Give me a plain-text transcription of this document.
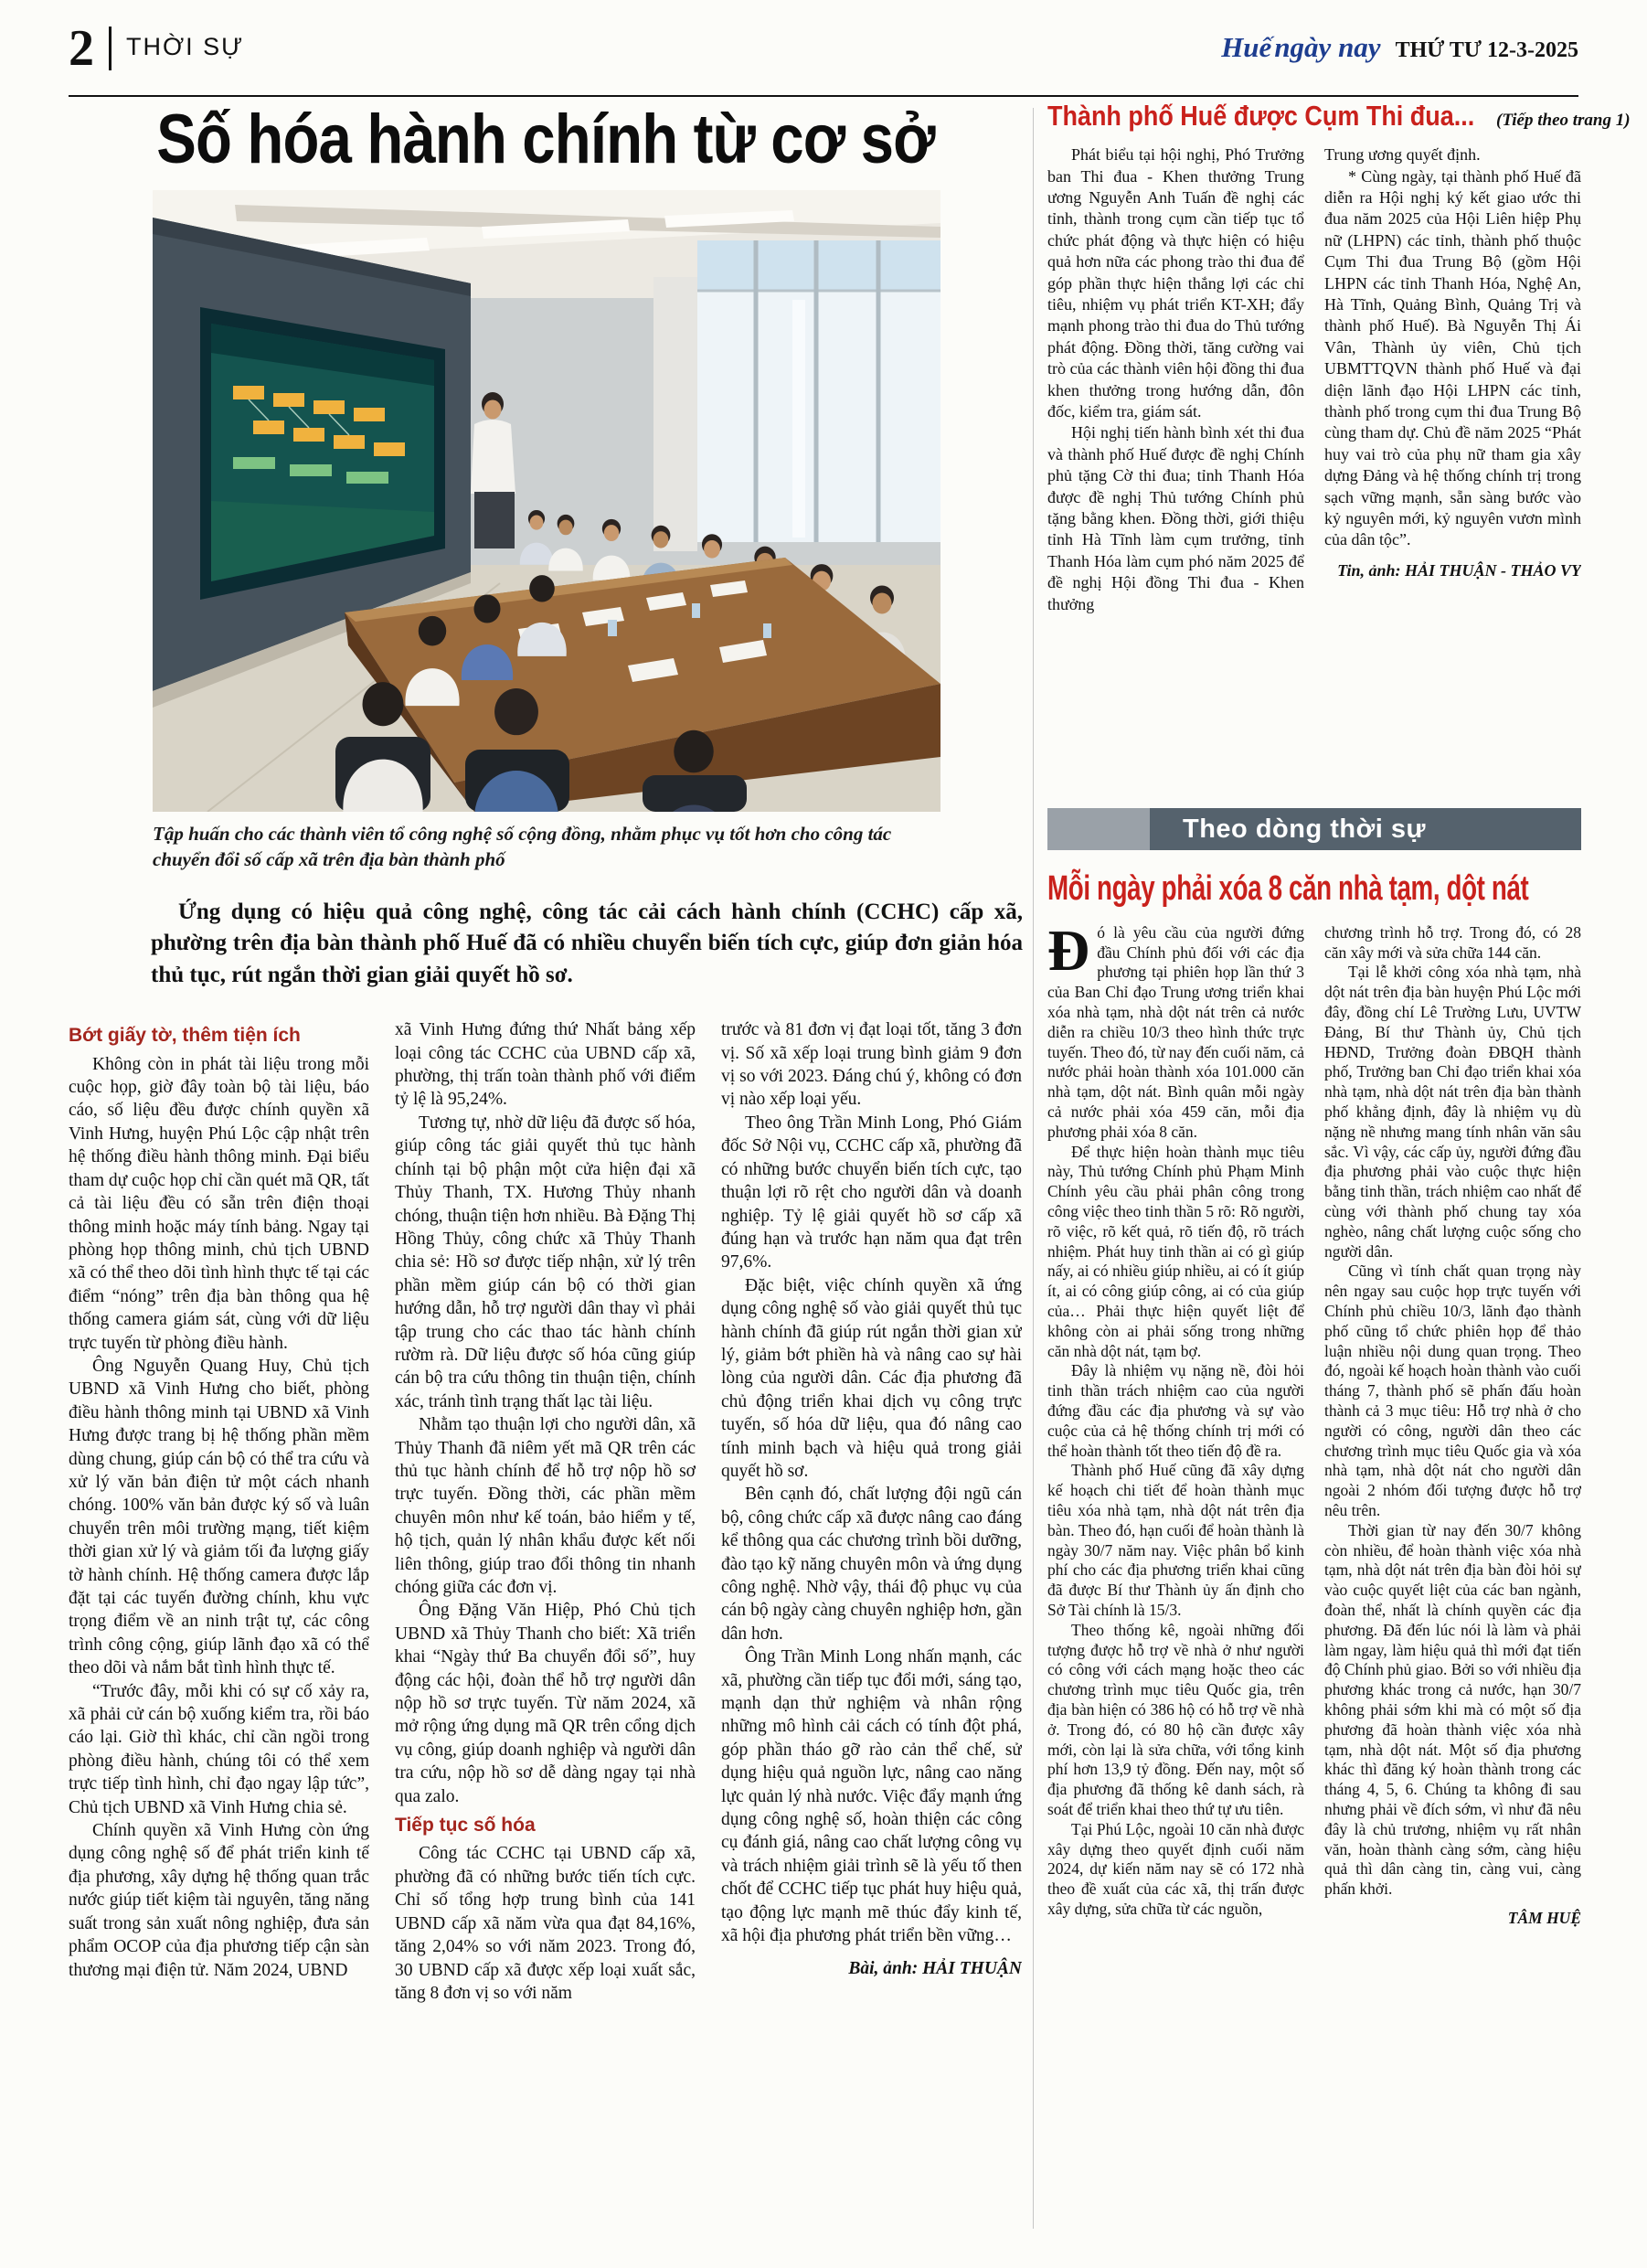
2 THỜI SỰ	Huếngày nay THỨ TƯ 12-3-2025
Số hóa hành chính từ cơ sở
Tập huấn cho các thành viên tổ công nghệ số cộng đồng, nhằm phục vụ tốt hơn cho công tác chuyển đổi số cấp xã trên địa bàn thành phố

Ứng dụng có hiệu quả công nghệ, công tác cải cách hành chính (CCHC) cấp xã, phường trên địa bàn thành phố Huế đã có nhiều chuyển biến tích cực, giúp đơn giản hóa thủ tục, rút ngắn thời gian giải quyết hồ sơ.

Bớt giấy tờ, thêm tiện ích

Không còn in phát tài liệu trong mỗi cuộc họp, giờ đây toàn bộ tài liệu, báo cáo, số liệu đều được chính quyền xã Vinh Hưng, huyện Phú Lộc cập nhật trên hệ thống điều hành thông minh. Đại biểu tham dự cuộc họp chỉ cần quét mã QR, tất cả tài liệu đều có sẵn trên điện thoại thông minh hoặc máy tính bảng. Ngay tại phòng họp thông minh, chủ tịch UBND xã có thể theo dõi tình hình thực tế tại các điểm “nóng” trên địa bàn thông qua hệ thống camera giám sát, cùng với dữ liệu trực tuyến từ phòng điều hành.

Ông Nguyễn Quang Huy, Chủ tịch UBND xã Vinh Hưng cho biết, phòng điều hành thông minh tại UBND xã Vinh Hưng được trang bị hệ thống phần mềm dùng chung, giúp cán bộ có thể tra cứu và xử lý văn bản điện tử một cách nhanh chóng. 100% văn bản được ký số và luân chuyển trên môi trường mạng, tiết kiệm thời gian xử lý và giảm tối đa lượng giấy tờ hành chính. Hệ thống camera được lắp đặt tại các tuyến đường chính, khu vực trọng điểm về an ninh trật tự, các công trình công cộng, giúp lãnh đạo xã có thể theo dõi và nắm bắt tình hình thực tế.

“Trước đây, mỗi khi có sự cố xảy ra, xã phải cử cán bộ xuống kiểm tra, rồi báo cáo lại. Giờ thì khác, chỉ cần ngồi trong phòng điều hành, chúng tôi có thể xem trực tiếp tình hình, chỉ đạo ngay lập tức”, Chủ tịch UBND xã Vinh Hưng chia sẻ.

Chính quyền xã Vinh Hưng còn ứng dụng công nghệ số để phát triển kinh tế địa phương, xây dựng hệ thống quan trắc nước giúp tiết kiệm tài nguyên, tăng năng suất trong sản xuất nông nghiệp, đưa sản phẩm OCOP của địa phương tiếp cận sàn thương mại điện tử. Năm 2024, UBND

xã Vinh Hưng đứng thứ Nhất bảng xếp loại công tác CCHC của UBND cấp xã, phường, thị trấn toàn thành phố với điểm tỷ lệ là 95,24%.

Tương tự, nhờ dữ liệu đã được số hóa, giúp công tác giải quyết thủ tục hành chính tại bộ phận một cửa hiện đại xã Thủy Thanh, TX. Hương Thủy nhanh chóng, thuận tiện hơn nhiều. Bà Đặng Thị Hồng Thủy, công chức xã Thủy Thanh chia sẻ: Hồ sơ được tiếp nhận, xử lý trên phần mềm giúp cán bộ có thời gian hướng dẫn, hỗ trợ người dân thay vì phải tập trung cho các thao tác hành chính rườm rà. Dữ liệu được số hóa cũng giúp cán bộ tra cứu thông tin thuận tiện, chính xác, tránh tình trạng thất lạc tài liệu.

Nhằm tạo thuận lợi cho người dân, xã Thủy Thanh đã niêm yết mã QR trên các thủ tục hành chính để hỗ trợ nộp hồ sơ trực tuyến. Đồng thời, các phần mềm chuyên môn như kế toán, bảo hiểm y tế, hộ tịch, quản lý nhân khẩu được kết nối liên thông, giúp trao đổi thông tin nhanh chóng giữa các đơn vị.

Ông Đặng Văn Hiệp, Phó Chủ tịch UBND xã Thủy Thanh cho biết: Xã triển khai “Ngày thứ Ba chuyển đổi số”, huy động các hội, đoàn thể hỗ trợ người dân nộp hồ sơ trực tuyến. Từ năm 2024, xã mở rộng ứng dụng mã QR trên cổng dịch vụ công, giúp doanh nghiệp và người dân tra cứu, nộp hồ sơ dễ dàng ngay tại nhà qua zalo.

Tiếp tục số hóa

Công tác CCHC tại UBND cấp xã, phường đã có những bước tiến tích cực. Chỉ số tổng hợp trung bình của 141 UBND cấp xã năm vừa qua đạt 84,16%, tăng 2,04% so với năm 2023. Trong đó, 30 UBND cấp xã được xếp loại xuất sắc, tăng 8 đơn vị so với năm

trước và 81 đơn vị đạt loại tốt, tăng 3 đơn vị. Số xã xếp loại trung bình giảm 9 đơn vị so với 2023. Đáng chú ý, không có đơn vị nào xếp loại yếu.

Theo ông Trần Minh Long, Phó Giám đốc Sở Nội vụ, CCHC cấp xã, phường đã có những bước chuyển biến tích cực, tạo thuận lợi rõ rệt cho người dân và doanh nghiệp. Tỷ lệ giải quyết hồ sơ cấp xã đúng hạn và trước hạn năm qua đạt trên 97,6%.

Đặc biệt, việc chính quyền xã ứng dụng công nghệ số vào giải quyết thủ tục hành chính đã giúp rút ngắn thời gian xử lý, giảm bớt phiền hà và nâng cao sự hài lòng của người dân. Các địa phương đã chủ động triển khai dịch vụ công trực tuyến, số hóa dữ liệu, qua đó nâng cao tính minh bạch và hiệu quả trong giải quyết hồ sơ.

Bên cạnh đó, chất lượng đội ngũ cán bộ, công chức cấp xã được nâng cao đáng kể thông qua các chương trình bồi dưỡng, đào tạo kỹ năng chuyên môn và ứng dụng công nghệ. Nhờ vậy, thái độ phục vụ của cán bộ ngày càng chuyên nghiệp hơn, gần dân hơn.

Ông Trần Minh Long nhấn mạnh, các xã, phường cần tiếp tục đổi mới, sáng tạo, mạnh dạn thử nghiệm và nhân rộng những mô hình cải cách có tính đột phá, góp phần tháo gỡ rào cản thể chế, sử dụng hiệu quả nguồn lực, nâng cao năng lực quản lý nhà nước. Việc đẩy mạnh ứng dụng công nghệ số, hoàn thiện các công cụ đánh giá, nâng cao chất lượng công vụ và trách nhiệm giải trình sẽ là yếu tố then chốt để CCHC tiếp tục phát huy hiệu quả, tạo động lực mạnh mẽ thúc đẩy kinh tế, xã hội địa phương phát triển bền vững…

Bài, ảnh: HẢI THUẬN

Thành phố Huế được Cụm Thi đua... (Tiếp theo trang 1)

Phát biểu tại hội nghị, Phó Trưởng ban Thi đua - Khen thưởng Trung ương Nguyễn Anh Tuấn đề nghị các tỉnh, thành trong cụm cần tiếp tục tổ chức phát động và thực hiện có hiệu quả hơn nữa các phong trào thi đua để góp phần thực hiện thắng lợi các chỉ tiêu, nhiệm vụ phát triển KT-XH; đẩy mạnh phong trào thi đua do Thủ tướng phát động. Đồng thời, tăng cường vai trò của các thành viên hội đồng thi đua khen thưởng trong hướng dẫn, đôn đốc, kiểm tra, giám sát.

Hội nghị tiến hành bình xét thi đua và thành phố Huế được đề nghị Chính phủ tặng Cờ thi đua; tỉnh Thanh Hóa được đề nghị Thủ tướng Chính phủ tặng bằng khen. Đồng thời, giới thiệu tỉnh Hà Tĩnh làm cụm trưởng, tỉnh Thanh Hóa làm cụm phó năm 2025 để đề nghị Hội đồng Thi đua - Khen thưởng

Trung ương quyết định.

* Cùng ngày, tại thành phố Huế đã diễn ra Hội nghị ký kết giao ước thi đua năm 2025 của Hội Liên hiệp Phụ nữ (LHPN) các tỉnh, thành phố thuộc Cụm Thi đua Trung Bộ (gồm Hội LHPN các tỉnh Thanh Hóa, Nghệ An, Hà Tĩnh, Quảng Bình, Quảng Trị và thành phố Huế). Bà Nguyễn Thị Ái Vân, Thành ủy viên, Chủ tịch UBMTTQVN thành phố Huế và đại diện lãnh đạo Hội LHPN các tỉnh, thành phố trong cụm thi đua Trung Bộ cùng tham dự. Chủ đề năm 2025 “Phát huy vai trò của phụ nữ tham gia xây dựng Đảng và hệ thống chính trị trong sạch vững mạnh, sẵn sàng bước vào kỷ nguyên mới, kỷ nguyên vươn mình của dân tộc”.

Tin, ảnh: HẢI THUẬN - THẢO VY

Theo dòng thời sự
Mỗi ngày phải xóa 8 căn nhà tạm, dột nát

Đó là yêu cầu của người đứng đầu Chính phủ đối với các địa phương tại phiên họp lần thứ 3 của Ban Chỉ đạo Trung ương triển khai xóa nhà tạm, nhà dột nát trên cả nước diễn ra chiều 10/3 theo hình thức trực tuyến. Theo đó, từ nay đến cuối năm, cả nước phải hoàn thành xóa 101.000 căn nhà tạm, dột nát. Bình quân mỗi ngày cả nước phải xóa 459 căn, mỗi địa phương phải xóa 8 căn.

Để thực hiện hoàn thành mục tiêu này, Thủ tướng Chính phủ Phạm Minh Chính yêu cầu phải phân công trong công việc theo tinh thần 5 rõ: Rõ người, rõ việc, rõ kết quả, rõ tiến độ, rõ trách nhiệm. Phát huy tinh thần ai có gì giúp nấy, ai có nhiều giúp nhiều, ai có ít giúp ít, ai có công giúp công, ai có của giúp của… Phải thực hiện quyết liệt để không còn ai phải sống trong những căn nhà dột nát, tạm bợ.

Đây là nhiệm vụ nặng nề, đòi hỏi tinh thần trách nhiệm cao của người đứng đầu các địa phương và sự vào cuộc của cả hệ thống chính trị mới có thể hoàn thành tốt theo tiến độ đề ra.

Thành phố Huế cũng đã xây dựng kế hoạch chi tiết để hoàn thành mục tiêu xóa nhà tạm, nhà dột nát trên địa bàn. Theo đó, hạn cuối để hoàn thành là ngày 30/7 năm nay. Việc phân bổ kinh phí cho các địa phương triển khai cũng đã được Bí thư Thành ủy ấn định cho Sở Tài chính là 15/3.

Theo thống kê, ngoài những đối tượng được hỗ trợ về nhà ở như người có công với cách mạng hoặc theo các chương trình mục tiêu Quốc gia, trên địa bàn hiện có 386 hộ có hỗ trợ về nhà ở. Trong đó, có 80 hộ cần được xây mới, còn lại là sửa chữa, với tổng kinh phí hơn 13,9 tỷ đồng. Đến nay, một số địa phương đã thống kê danh sách, rà soát để triển khai theo thứ tự ưu tiên.

Tại Phú Lộc, ngoài 10 căn nhà được xây dựng theo quyết định cuối năm 2024, dự kiến năm nay sẽ có 172 nhà theo đề xuất của các xã, thị trấn được xây dựng, sửa chữa từ các nguồn,

chương trình hỗ trợ. Trong đó, có 28 căn xây mới và sửa chữa 144 căn.

Tại lễ khởi công xóa nhà tạm, nhà dột nát trên địa bàn huyện Phú Lộc mới đây, đồng chí Lê Trường Lưu, UVTW Đảng, Bí thư Thành ủy, Chủ tịch HĐND, Trưởng đoàn ĐBQH thành phố, Trưởng ban Chỉ đạo triển khai xóa nhà tạm, nhà dột nát trên địa bàn thành phố khẳng định, đây là nhiệm vụ dù nặng nề nhưng mang tính nhân văn sâu sắc. Vì vậy, các cấp ủy, người đứng đầu địa phương phải vào cuộc thực hiện bằng tinh thần, trách nhiệm cao nhất để cùng với thành phố chung tay xóa nghèo, nâng chất lượng cuộc sống cho người dân.

Cũng vì tính chất quan trọng này nên ngay sau cuộc họp trực tuyến với Chính phủ chiều 10/3, lãnh đạo thành phố cũng tổ chức phiên họp để thảo luận nhiều nội dung quan trọng. Theo đó, ngoài kế hoạch hoàn thành vào cuối tháng 7, thành phố sẽ phấn đấu hoàn thành cả 3 mục tiêu: Hỗ trợ nhà ở cho người có công, người dân theo các chương trình mục tiêu Quốc gia và xóa nhà tạm, nhà dột nát cho người dân ngoài 2 nhóm đối tượng được hỗ trợ nêu trên.

Thời gian từ nay đến 30/7 không còn nhiều, để hoàn thành việc xóa nhà tạm, nhà dột nát trên địa bàn đòi hỏi sự vào cuộc quyết liệt của các ban ngành, đoàn thể, nhất là chính quyền các địa phương. Đã đến lúc nói là làm và phải làm ngay, làm hiệu quả thì mới đạt tiến độ Chính phủ giao. Bởi so với nhiều địa phương khác trong cả nước, hạn 30/7 không phải sớm khi mà có một số địa phương đã hoàn thành việc xóa nhà tạm, nhà dột nát. Một số địa phương khác thì đăng ký hoàn thành trong các tháng 4, 5, 6. Chúng ta không đi sau nhưng phải về đích sớm, vì như đã nêu đây là chủ trương, nhiệm vụ rất nhân văn, hoàn thành càng sớm, càng hiệu quả thì dân càng tin, càng vui, càng phấn khởi.

TÂM HUỆ
